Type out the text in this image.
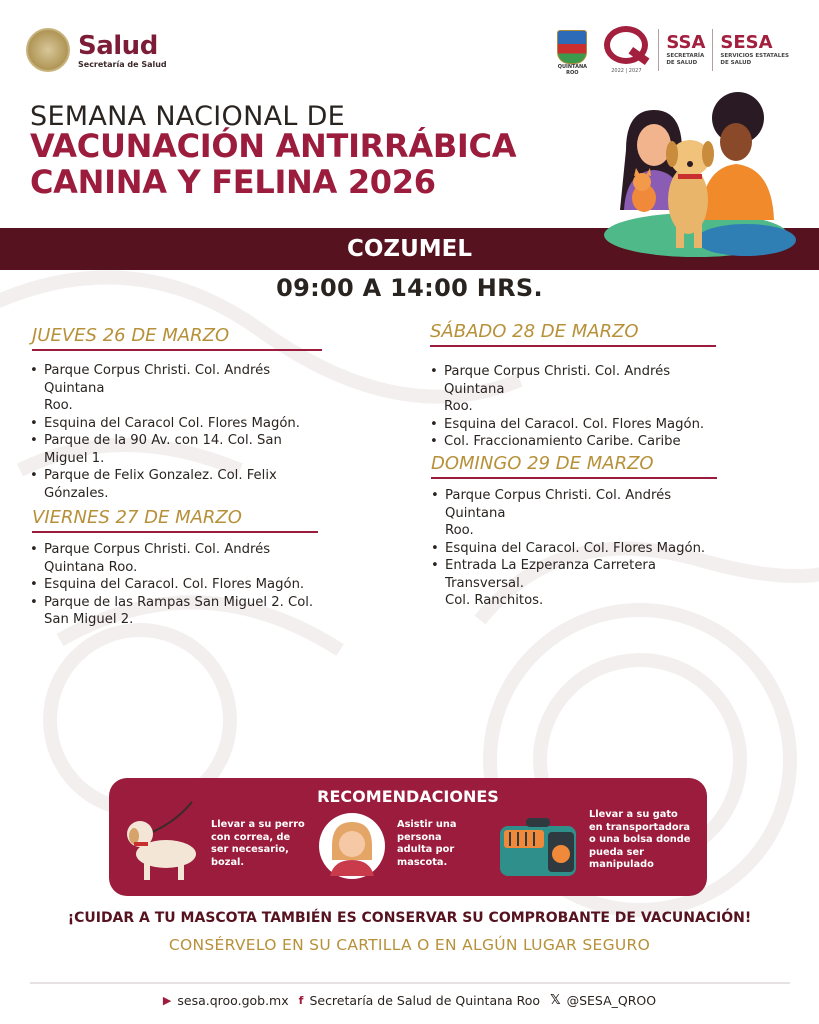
Salud
Secretaría de Salud	QUINTANA ROO	2022 | 2027
SSA
SECRETARÍA
DE SALUD
SESA
SERVICIOS ESTATALES
DE SALUD
SEMANA NACIONAL DE
VACUNACIÓN ANTIRRÁBICA
CANINA Y FELINA 2026
COZUMEL
09:00 A 14:00 HRS.
JUEVES 26 DE MARZO
• Parque Corpus Christi. Col. Andrés Quintana
Roo.
• Esquina del Caracol Col. Flores Magón.
• Parque de la 90 Av. con 14. Col. San Miguel 1.
• Parque de Felix Gonzalez. Col. Felix
Gónzales.
VIERNES 27 DE MARZO
• Parque Corpus Christi. Col. Andrés
Quintana Roo.
• Esquina del Caracol. Col. Flores Magón.
• Parque de las Rampas San Miguel 2. Col.
San Miguel 2.
SÁBADO 28 DE MARZO
• Parque Corpus Christi. Col. Andrés Quintana
Roo.
• Esquina del Caracol. Col. Flores Magón.
• Col. Fraccionamiento Caribe. Caribe
DOMINGO 29 DE MARZO
• Parque Corpus Christi. Col. Andrés Quintana
Roo.
• Esquina del Caracol. Col. Flores Magón.
• Entrada La Ezperanza Carretera Transversal.
Col. Ranchitos.
RECOMENDACIONES
Llevar a su perro
con correa, de
ser necesario,
bozal.
Asistir una
persona
adulta por
mascota.
Llevar a su gato
en transportadora
o una bolsa donde
pueda ser
manipulado
¡CUIDAR A TU MASCOTA TAMBIÉN ES CONSERVAR SU COMPROBANTE DE VACUNACIÓN!
CONSÉRVELO EN SU CARTILLA O EN ALGÚN LUGAR SEGURO
▶ sesa.qroo.gob.mx f Secretaría de Salud de Quintana Roo 𝕏 @SESA_QROO
